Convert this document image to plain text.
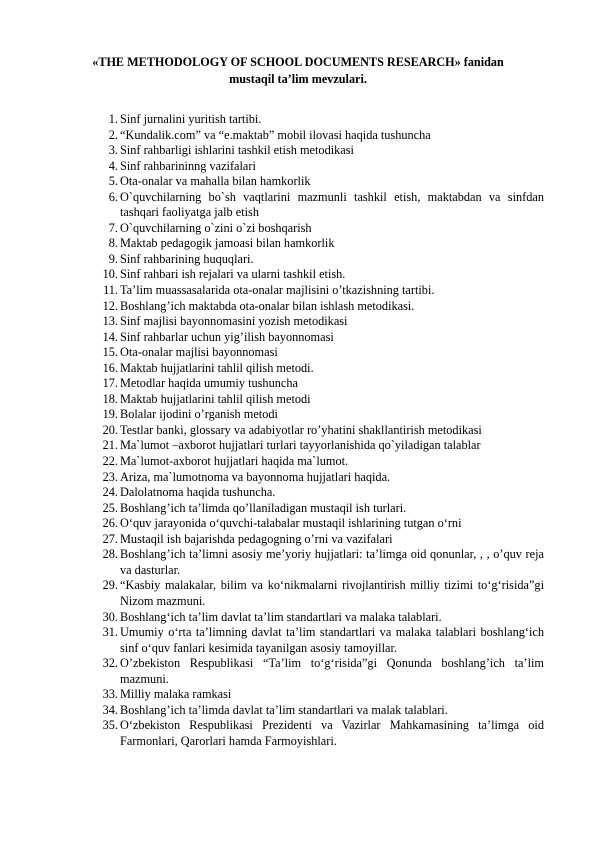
«THE METHODOLOGY OF SCHOOL DOCUMENTS RESEARCH» fanidan
mustaqil ta’lim mevzulari.
1. Sinf jurnalini yuritish tartibi.
2. “Kundalik.com” va “e.maktab” mobil ilovasi haqida tushuncha
3. Sinf rahbarligi ishlarini tashkil etish metodikasi
4. Sinf rahbarininng vazifalari
5. Ota-onalar va mahalla bilan hamkorlik
6. O`quvchilarning bo`sh vaqtlarini mazmunli tashkil etish, maktabdan va sinfdan tashqari faoliyatga jalb etish
7. O`quvchilarning o`zini o`zi boshqarish
8. Maktab pedagogik jamoasi bilan hamkorlik
9. Sinf rahbarining huquqlari.
10. Sinf rahbari ish rejalari va ularni tashkil etish.
11. Ta’lim muassasalarida ota-onalar majlisini o’tkazishning tartibi.
12. Boshlang’ich maktabda ota-onalar bilan ishlash metodikasi.
13. Sinf majlisi bayonnomasini yozish metodikasi
14. Sinf rahbarlar uchun yig’ilish bayonnomasi
15. Ota-onalar majlisi bayonnomasi
16. Maktab hujjatlarini tahlil qilish metodi.
17. Metodlar haqida umumiy tushuncha
18. Maktab hujjatlarini tahlil qilish metodi
19. Bolalar ijodini o’rganish metodi
20. Testlar banki, glossary va adabiyotlar ro’yhatini shakllantirish metodikasi
21. Ma`lumot –axborot hujjatlari turlari tayyorlanishida qo`yiladigan talablar
22. Ma`lumot-axborot hujjatlari haqida ma`lumot.
23. Ariza, ma`lumotnoma va bayonnoma hujjatlari haqida.
24. Dalolatnoma haqida tushuncha.
25. Boshlang’ich ta’limda qo’llaniladigan mustaqil ish turlari.
26. O‘quv jarayonida o‘quvchi-talabalar mustaqil ishlarining tutgan o‘rni
27. Mustaqil ish bajarishda pedagogning o’rni va vazifalari
28. Boshlang’ich ta’limni asosiy me’yoriy hujjatlari: ta’limga oid qonunlar, , , o’quv reja va dasturlar.
29. “Kasbiy malakalar, bilim va ko‘nikmalarni rivojlantirish milliy tizimi to‘g‘risida”gi Nizom mazmuni.
30. Boshlang‘ich ta’lim davlat ta’lim standartlari va malaka talablari.
31. Umumiy o‘rta ta’limning davlat ta’lim standartlari va malaka talablari boshlang‘ich sinf o‘quv fanlari kesimida tayanilgan asosiy tamoyillar.
32. O’zbekiston Respublikasi “Ta’lim to‘g‘risida”gi Qonunda boshlang’ich ta’lim mazmuni.
33. Milliy malaka ramkasi
34. Boshlang’ich ta’limda davlat ta’lim standartlari va malak talablari.
35. O‘zbekiston Respublikasi Prezidenti va Vazirlar Mahkamasining ta’limga oid Farmonlari, Qarorlari hamda Farmoyishlari.
